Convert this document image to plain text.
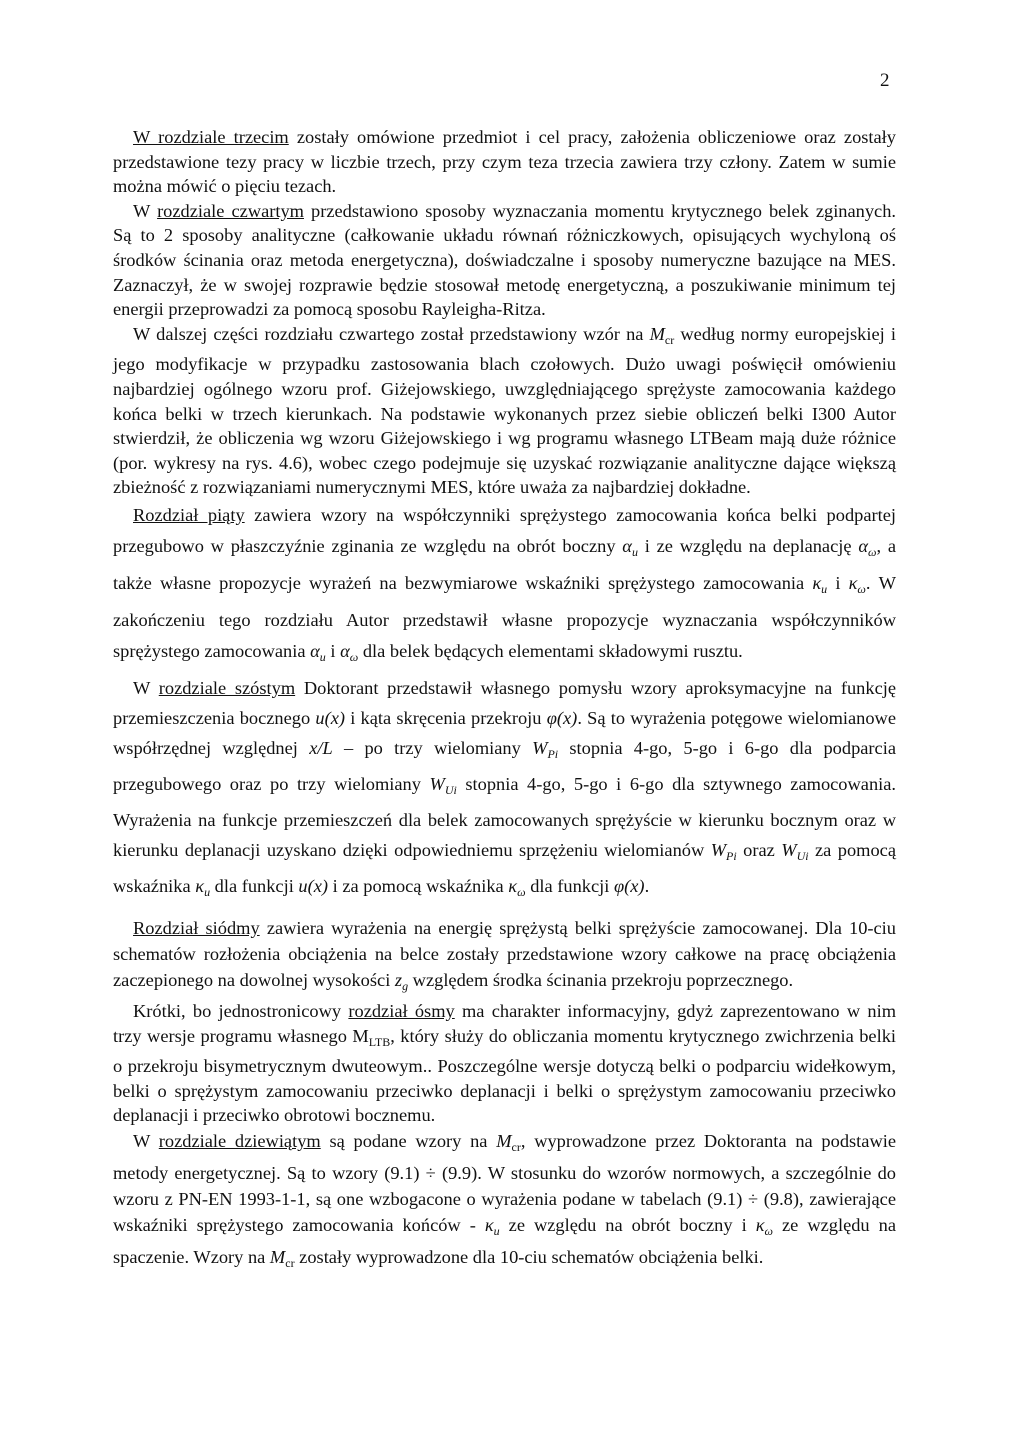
2

W rozdziale trzecim zostały omówione przedmiot i cel pracy, założenia obliczeniowe oraz zostały przedstawione tezy pracy w liczbie trzech, przy czym teza trzecia zawiera trzy człony. Zatem w sumie można mówić o pięciu tezach.

W rozdziale czwartym przedstawiono sposoby wyznaczania momentu krytycznego belek zginanych. Są to 2 sposoby analityczne (całkowanie układu równań różniczkowych, opisujących wychyloną oś środków ścinania oraz metoda energetyczna), doświadczalne i sposoby numeryczne bazujące na MES. Zaznaczył, że w swojej rozprawie będzie stosował metodę energetyczną, a poszukiwanie minimum tej energii przeprowadzi za pomocą sposobu Rayleigha-Ritza.

W dalszej części rozdziału czwartego został przedstawiony wzór na $M_{cr}$ według normy europejskiej i jego modyfikacje w przypadku zastosowania blach czołowych. Dużo uwagi poświęcił omówieniu najbardziej ogólnego wzoru prof. Giżejowskiego, uwzględniającego sprężyste zamocowania każdego końca belki w trzech kierunkach. Na podstawie wykonanych przez siebie obliczeń belki I300 Autor stwierdził, że obliczenia wg wzoru Giżejowskiego i wg programu własnego LTBeam mają duże różnice (por. wykresy na rys. 4.6), wobec czego podejmuje się uzyskać rozwiązanie analityczne dające większą zbieżność z rozwiązaniami numerycznymi MES, które uważa za najbardziej dokładne.

Rozdział piąty zawiera wzory na współczynniki sprężystego zamocowania końca belki podpartej przegubowo w płaszczyźnie zginania ze względu na obrót boczny $\alpha_u$ i ze względu na deplanację $\alpha_\omega$, a także własne propozycje wyrażeń na bezwymiarowe wskaźniki sprężystego zamocowania $\kappa_u$ i $\kappa_\omega$. W zakończeniu tego rozdziału Autor przedstawił własne propozycje wyznaczania współczynników sprężystego zamocowania $\alpha_u$ i $\alpha_\omega$ dla belek będących elementami składowymi rusztu.

W rozdziale szóstym Doktorant przedstawił własnego pomysłu wzory aproksymacyjne na funkcję przemieszczenia bocznego u(x) i kąta skręcenia przekroju φ(x). Są to wyrażenia potęgowe wielomianowe współrzędnej względnej x/L – po trzy wielomiany $W_{Pi}$ stopnia 4-go, 5-go i 6-go dla podparcia przegubowego oraz po trzy wielomiany $W_{Ui}$ stopnia 4-go, 5-go i 6-go dla sztywnego zamocowania. Wyrażenia na funkcje przemieszczeń dla belek zamocowanych sprężyście w kierunku bocznym oraz w kierunku deplanacji uzyskano dzięki odpowiedniemu sprzężeniu wielomianów $W_{Pi}$ oraz $W_{Ui}$ za pomocą wskaźnika $\kappa_u$ dla funkcji u(x) i za pomocą wskaźnika $\kappa_\omega$ dla funkcji φ(x).

Rozdział siódmy zawiera wyrażenia na energię sprężystą belki sprężyście zamocowanej. Dla 10-ciu schematów rozłożenia obciążenia na belce zostały przedstawione wzory całkowe na pracę obciążenia zaczepionego na dowolnej wysokości $z_g$ względem środka ścinania przekroju poprzecznego.

Krótki, bo jednostronicowy rozdział ósmy ma charakter informacyjny, gdyż zaprezentowano w nim trzy wersje programu własnego $M_{LTB}$, który służy do obliczania momentu krytycznego zwichrzenia belki o przekroju bisymetrycznym dwuteowym.. Poszczególne wersje dotyczą belki o podparciu widełkowym, belki o sprężystym zamocowaniu przeciwko deplanacji i belki o sprężystym zamocowaniu przeciwko deplanacji i przeciwko obrotowi bocznemu.

W rozdziale dziewiątym są podane wzory na $M_{cr}$, wyprowadzone przez Doktoranta na podstawie metody energetycznej. Są to wzory (9.1) ÷ (9.9). W stosunku do wzorów normowych, a szczególnie do wzoru z PN-EN 1993-1-1, są one wzbogacone o wyrażenia podane w tabelach (9.1) ÷ (9.8), zawierające wskaźniki sprężystego zamocowania końców - $\kappa_u$ ze względu na obrót boczny i $\kappa_\omega$ ze względu na spaczenie. Wzory na $M_{cr}$ zostały wyprowadzone dla 10-ciu schematów obciążenia belki.
